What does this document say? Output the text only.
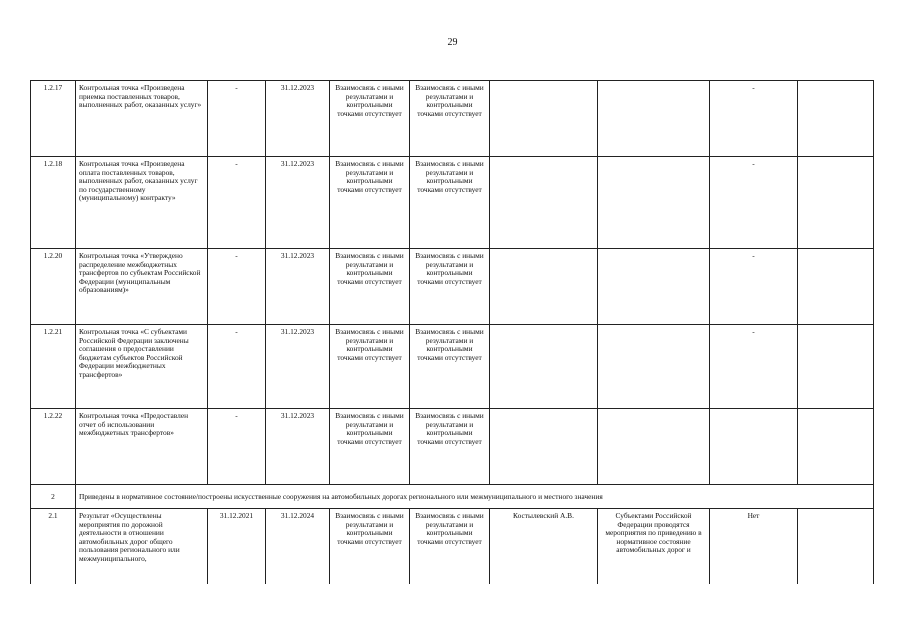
29
1.2.17	Контрольная точка «Произведена приемка поставленных товаров, выполненных работ, оказанных услуг»	-	31.12.2023	Взаимосвязь с иными результатами и контрольными точками отсутствует	Взаимосвязь с иными результатами и контрольными точками отсутствует			-	
1.2.18	Контрольная точка «Произведена оплата поставленных товаров, выполненных работ, оказанных услуг по государственному (муниципальному) контракту»	-	31.12.2023	Взаимосвязь с иными результатами и контрольными точками отсутствует	Взаимосвязь с иными результатами и контрольными точками отсутствует			-	
1.2.20	Контрольная точка «Утверждено распределение межбюджетных трансфертов по субъектам Российской Федерации (муниципальным образованиям)»	-	31.12.2023	Взаимосвязь с иными результатами и контрольными точками отсутствует	Взаимосвязь с иными результатами и контрольными точками отсутствует			-	
1.2.21	Контрольная точка «С субъектами Российской Федерации заключены соглашения о предоставлении бюджетам субъектов Российской Федерации межбюджетных трансфертов»	-	31.12.2023	Взаимосвязь с иными результатами и контрольными точками отсутствует	Взаимосвязь с иными результатами и контрольными точками отсутствует			-	
1.2.22	Контрольная точка «Предоставлен отчет об использовании межбюджетных трансфертов»	-	31.12.2023	Взаимосвязь с иными результатами и контрольными точками отсутствует	Взаимосвязь с иными результатами и контрольными точками отсутствует				
2	Приведены в нормативное состояние/построены искусственные сооружения на автомобильных дорогах регионального или межмуниципального и местного значения								
2.1	Результат «Осуществлены мероприятия по дорожной деятельности в отношении автомобильных дорог общего пользования регионального или межмуниципального,	31.12.2021	31.12.2024	Взаимосвязь с иными результатами и контрольными точками отсутствует	Взаимосвязь с иными результатами и контрольными точками отсутствует	Костылевский А.В.	Субъектами Российской Федерации проводятся мероприятия по приведению в нормативное состояние автомобильных дорог и	Нет	
